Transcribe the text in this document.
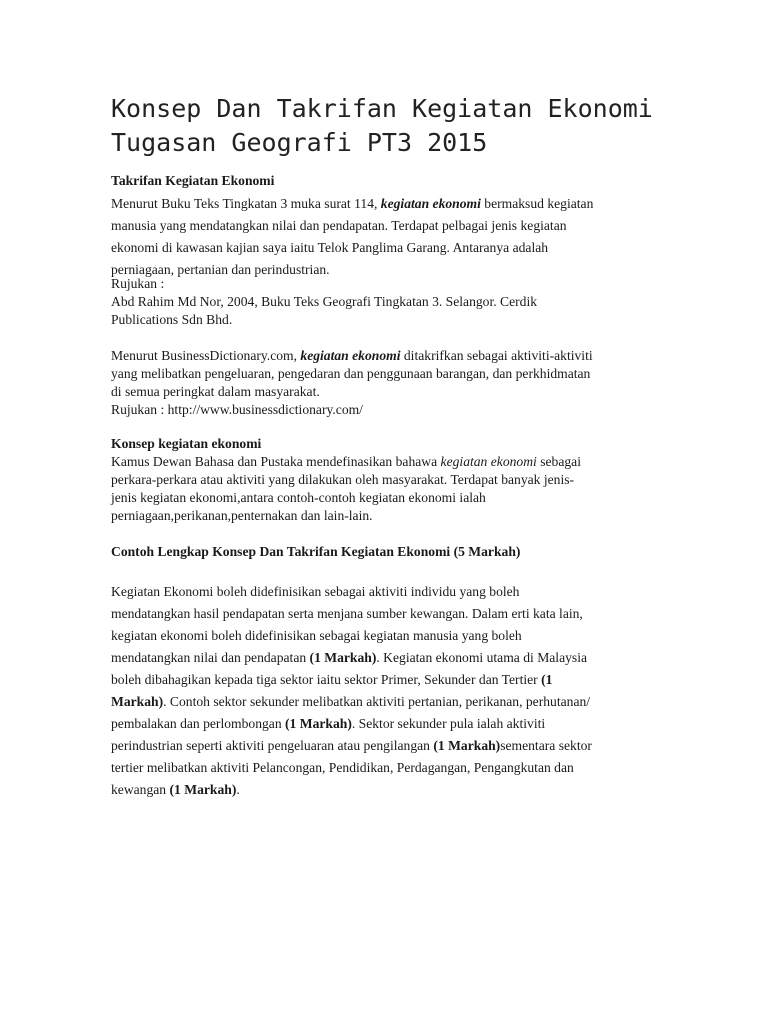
Konsep Dan Takrifan Kegiatan Ekonomi
Tugasan Geografi PT3 2015

Takrifan Kegiatan Ekonomi

Menurut Buku Teks Tingkatan 3 muka surat 114, kegiatan ekonomi bermaksud kegiatan
manusia yang mendatangkan nilai dan pendapatan. Terdapat pelbagai jenis kegiatan
ekonomi di kawasan kajian saya iaitu Telok Panglima Garang. Antaranya adalah
perniagaan, pertanian dan perindustrian.
Rujukan :
Abd Rahim Md Nor, 2004, Buku Teks Geografi Tingkatan 3. Selangor. Cerdik
Publications Sdn Bhd.
Menurut BusinessDictionary.com, kegiatan ekonomi ditakrifkan sebagai aktiviti-aktiviti
yang melibatkan pengeluaran, pengedaran dan penggunaan barangan, dan perkhidmatan
di semua peringkat dalam masyarakat.
Rujukan : http://www.businessdictionary.com/

Konsep kegiatan ekonomi

Kamus Dewan Bahasa dan Pustaka mendefinasikan bahawa kegiatan ekonomi sebagai
perkara-perkara atau aktiviti yang dilakukan oleh masyarakat. Terdapat banyak jenis-
jenis kegiatan ekonomi,antara contoh-contoh kegiatan ekonomi ialah
perniagaan,perikanan,penternakan dan lain-lain.

Contoh Lengkap Konsep Dan Takrifan Kegiatan Ekonomi (5 Markah)

Kegiatan Ekonomi boleh didefinisikan sebagai aktiviti individu yang boleh
mendatangkan hasil pendapatan serta menjana sumber kewangan. Dalam erti kata lain,
kegiatan ekonomi boleh didefinisikan sebagai kegiatan manusia yang boleh
mendatangkan nilai dan pendapatan (1 Markah). Kegiatan ekonomi utama di Malaysia
boleh dibahagikan kepada tiga sektor iaitu sektor Primer, Sekunder dan Tertier (1
Markah). Contoh sektor sekunder melibatkan aktiviti pertanian, perikanan, perhutanan/
pembalakan dan perlombongan (1 Markah). Sektor sekunder pula ialah aktiviti
perindustrian seperti aktiviti pengeluaran atau pengilangan (1 Markah)sementara sektor
tertier melibatkan aktiviti Pelancongan, Pendidikan, Perdagangan, Pengangkutan dan
kewangan (1 Markah).
